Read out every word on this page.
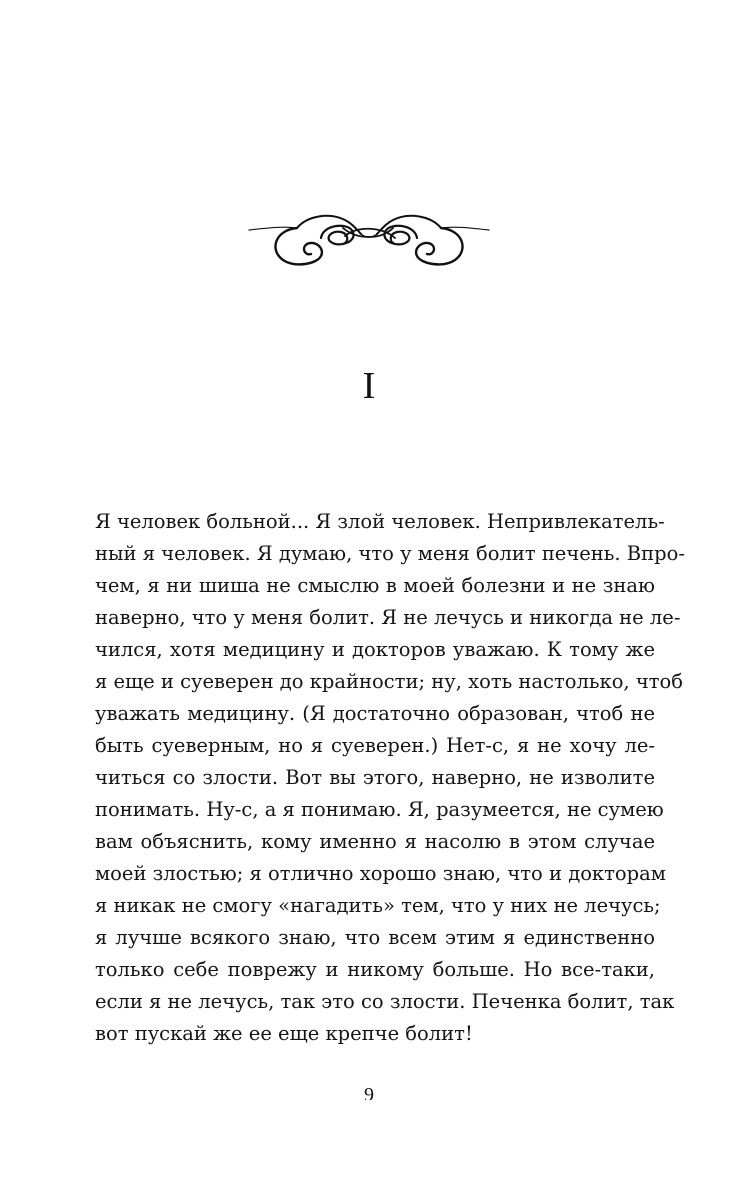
I
Я человек больной... Я злой человек. Непривлекатель-
ный я человек. Я думаю, что у меня болит печень. Впро-
чем, я ни шиша не смыслю в моей болезни и не знаю
наверно, что у меня болит. Я не лечусь и никогда не ле-
чился, хотя медицину и докторов уважаю. К тому же
я еще и суеверен до крайности; ну, хоть настолько, чтоб
уважать медицину. (Я достаточно образован, чтоб не
быть суеверным, но я суеверен.) Нет-с, я не хочу ле-
читься со злости. Вот вы этого, наверно, не изволите
понимать. Ну-с, а я понимаю. Я, разумеется, не сумею
вам объяснить, кому именно я насолю в этом случае
моей злостью; я отлично хорошо знаю, что и докторам
я никак не смогу «нагадить» тем, что у них не лечусь;
я лучше всякого знаю, что всем этим я единственно
только себе поврежу и никому больше. Но все-таки,
если я не лечусь, так это со злости. Печенка болит, так
вот пускай же ее еще крепче болит!
9
